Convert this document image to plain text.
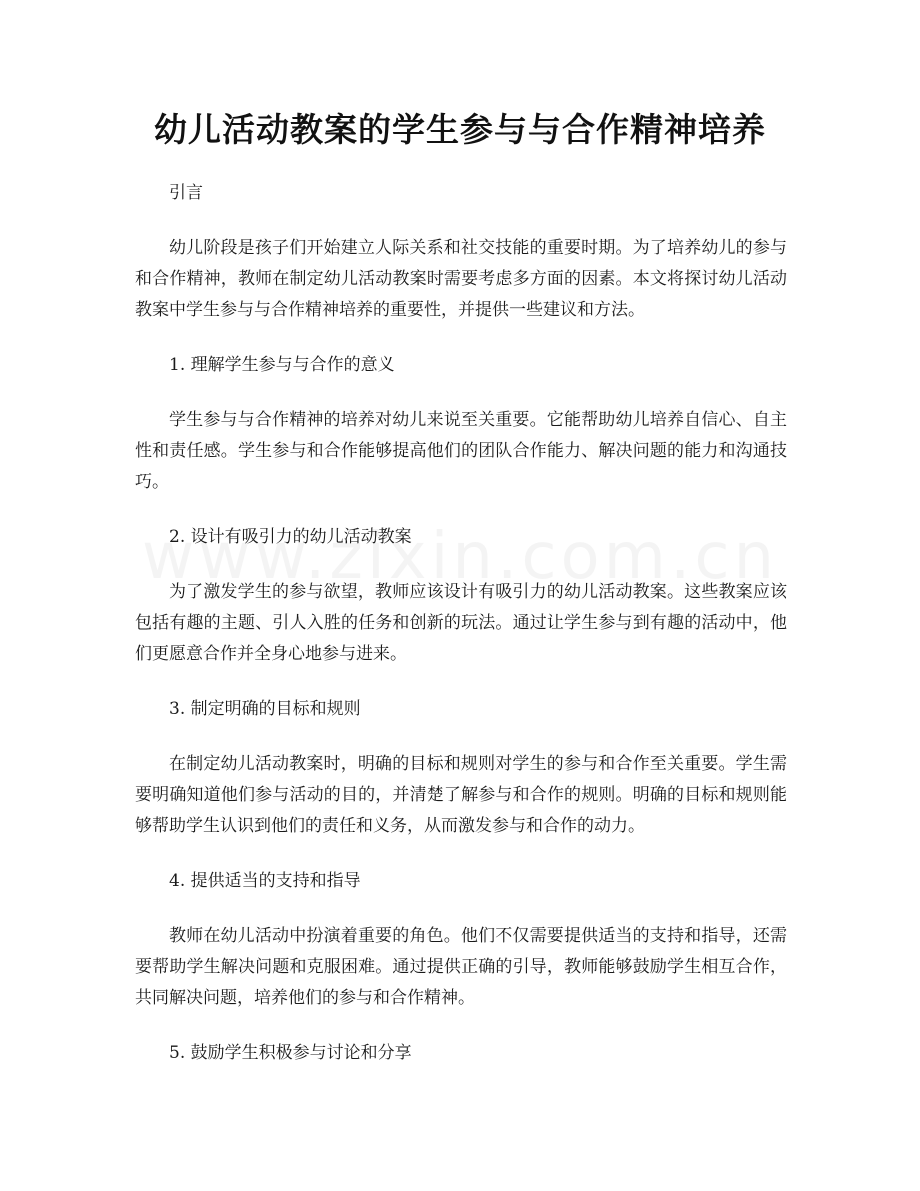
幼儿活动教案的学生参与与合作精神培养

引言

幼儿阶段是孩子们开始建立人际关系和社交技能的重要时期。为了培养幼儿的参与和合作精神，教师在制定幼儿活动教案时需要考虑多方面的因素。本文将探讨幼儿活动教案中学生参与与合作精神培养的重要性，并提供一些建议和方法。

1. 理解学生参与与合作的意义

学生参与与合作精神的培养对幼儿来说至关重要。它能帮助幼儿培养自信心、自主性和责任感。学生参与和合作能够提高他们的团队合作能力、解决问题的能力和沟通技巧。

2. 设计有吸引力的幼儿活动教案

为了激发学生的参与欲望，教师应该设计有吸引力的幼儿活动教案。这些教案应该包括有趣的主题、引人入胜的任务和创新的玩法。通过让学生参与到有趣的活动中，他们更愿意合作并全身心地参与进来。

3. 制定明确的目标和规则

在制定幼儿活动教案时，明确的目标和规则对学生的参与和合作至关重要。学生需要明确知道他们参与活动的目的，并清楚了解参与和合作的规则。明确的目标和规则能够帮助学生认识到他们的责任和义务，从而激发参与和合作的动力。

4. 提供适当的支持和指导

教师在幼儿活动中扮演着重要的角色。他们不仅需要提供适当的支持和指导，还需要帮助学生解决问题和克服困难。通过提供正确的引导，教师能够鼓励学生相互合作，共同解决问题，培养他们的参与和合作精神。

5. 鼓励学生积极参与讨论和分享
